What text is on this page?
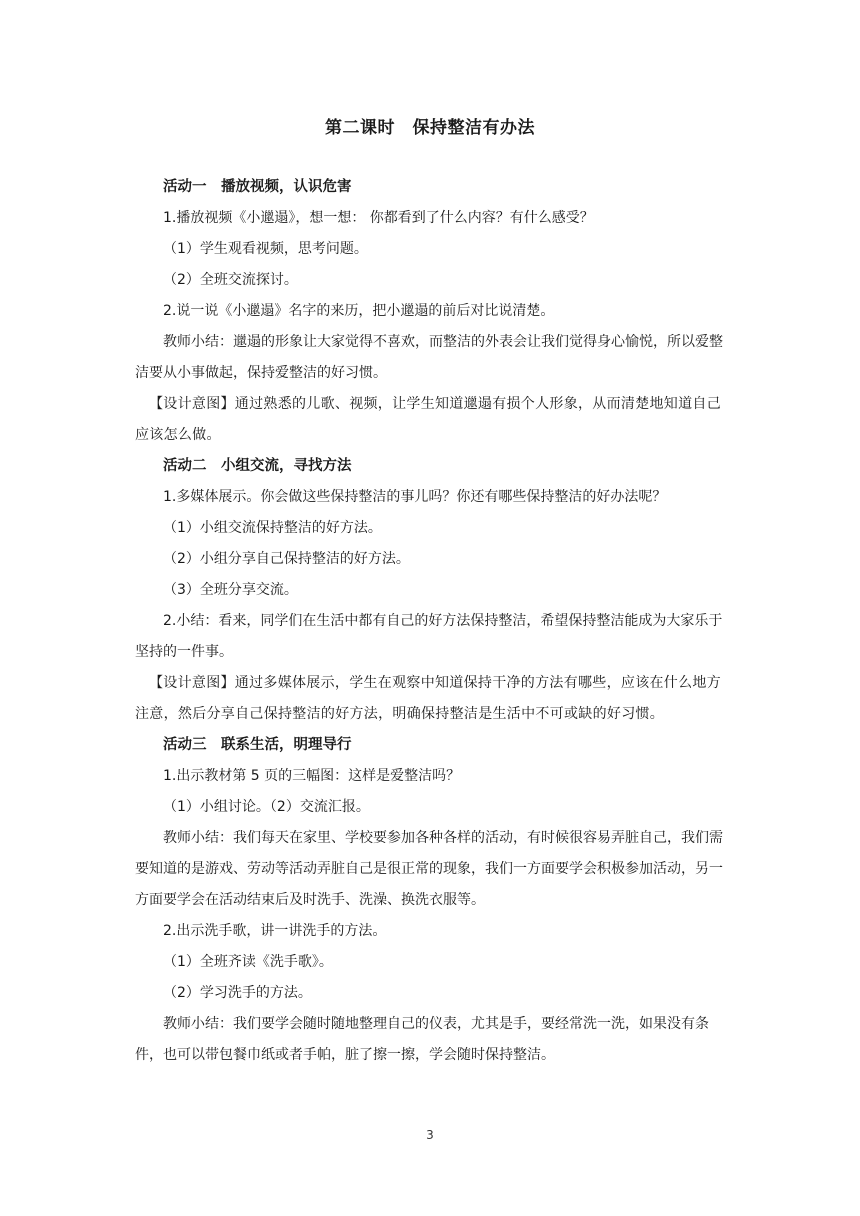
第二课时　保持整洁有办法

活动一　播放视频，认识危害

1.播放视频《小邋遢》，想一想： 你都看到了什么内容？有什么感受？

（1）学生观看视频，思考问题。

（2）全班交流探讨。

2.说一说《小邋遢》名字的来历，把小邋遢的前后对比说清楚。

教师小结：邋遢的形象让大家觉得不喜欢，而整洁的外表会让我们觉得身心愉悦，所以爱整洁要从小事做起，保持爱整洁的好习惯。

【设计意图】通过熟悉的儿歌、视频，让学生知道邋遢有损个人形象，从而清楚地知道自己应该怎么做。

活动二　小组交流，寻找方法

1.多媒体展示。你会做这些保持整洁的事儿吗？你还有哪些保持整洁的好办法呢？

（1）小组交流保持整洁的好方法。

（2）小组分享自己保持整洁的好方法。

（3）全班分享交流。

2.小结：看来，同学们在生活中都有自己的好方法保持整洁，希望保持整洁能成为大家乐于坚持的一件事。

【设计意图】通过多媒体展示，学生在观察中知道保持干净的方法有哪些，应该在什么地方注意，然后分享自己保持整洁的好方法，明确保持整洁是生活中不可或缺的好习惯。

活动三　联系生活，明理导行

1.出示教材第 5 页的三幅图：这样是爱整洁吗？

（1）小组讨论。（2）交流汇报。

教师小结：我们每天在家里、学校要参加各种各样的活动，有时候很容易弄脏自己，我们需要知道的是游戏、劳动等活动弄脏自己是很正常的现象，我们一方面要学会积极参加活动，另一方面要学会在活动结束后及时洗手、洗澡、换洗衣服等。

2.出示洗手歌，讲一讲洗手的方法。

（1）全班齐读《洗手歌》。

（2）学习洗手的方法。

教师小结：我们要学会随时随地整理自己的仪表，尤其是手，要经常洗一洗，如果没有条件，也可以带包餐巾纸或者手帕，脏了擦一擦，学会随时保持整洁。

3
